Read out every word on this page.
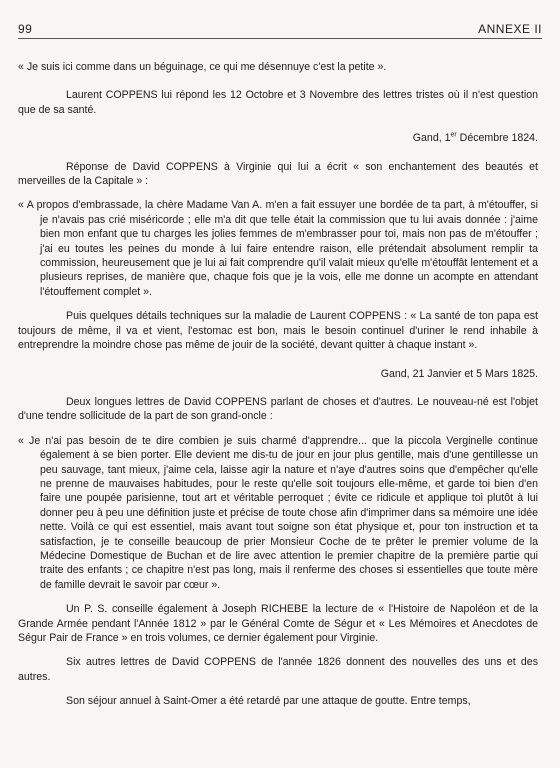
99	ANNEXE II

« Je suis ici comme dans un béguinage, ce qui me désennuye c'est la petite ».

Laurent COPPENS lui répond les 12 Octobre et 3 Novembre des lettres tristes où il n'est question que de sa santé.

Gand, 1er Décembre 1824.

Réponse de David COPPENS à Virginie qui lui a écrit « son enchantement des beautés et merveilles de la Capitale » :

« A propos d'embrassade, la chère Madame Van A. m'en a fait essuyer une bordée de ta part, à m'étouffer, si je n'avais pas crié miséricorde ; elle m'a dit que telle était la commission que tu lui avais donnée : j'aime bien mon enfant que tu charges les jolies femmes de m'embrasser pour toi, mais non pas de m'étouffer ; j'ai eu toutes les peines du monde à lui faire entendre raison, elle prétendait absolument remplir ta commission, heureusement que je lui ai fait comprendre qu'il valait mieux qu'elle m'étouffât lentement et a plusieurs reprises, de manière que, chaque fois que je la vois, elle me donne un acompte en attendant l'étouffement complet ».

Puis quelques détails techniques sur la maladie de Laurent COPPENS : « La santé de ton papa est toujours de même, il va et vient, l'estomac est bon, mais le besoin continuel d'uriner le rend inhabile à entreprendre la moindre chose pas même de jouir de la société, devant quitter à chaque instant ».

Gand, 21 Janvier et 5 Mars 1825.

Deux longues lettres de David COPPENS parlant de choses et d'autres. Le nouveau-né est l'objet d'une tendre sollicitude de la part de son grand-oncle :

« Je n'ai pas besoin de te dire combien je suis charmé d'apprendre... que la piccola Verginelle continue également à se bien porter. Elle devient me dis-tu de jour en jour plus gentille, mais d'une gentillesse un peu sauvage, tant mieux, j'aime cela, laisse agir la nature et n'aye d'autres soins que d'empêcher qu'elle ne prenne de mauvaises habitudes, pour le reste qu'elle soit toujours elle-même, et garde toi bien d'en faire une poupée parisienne, tout art et véritable perroquet ; évite ce ridicule et applique toi plutôt à lui donner peu à peu une définition juste et précise de toute chose afin d'imprimer dans sa mémoire une idée nette. Voilà ce qui est essentiel, mais avant tout soigne son état physique et, pour ton instruction et ta satisfaction, je te conseille beaucoup de prier Monsieur Coche de te prêter le premier volume de la Médecine Domestique de Buchan et de lire avec attention le premier chapitre de la première partie qui traite des enfants ; ce chapitre n'est pas long, mais il renferme des choses si essentielles que toute mère de famille devrait le savoir par cœur ».

Un P. S. conseille également à Joseph RICHEBE la lecture de « l'Histoire de Napoléon et de la Grande Armée pendant l'Année 1812 » par le Général Comte de Ségur et « Les Mémoires et Anecdotes de Ségur Pair de France » en trois volumes, ce dernier également pour Virginie.

Six autres lettres de David COPPENS de l'année 1826 donnent des nouvelles des uns et des autres.

Son séjour annuel à Saint-Omer a été retardé par une attaque de goutte. Entre temps,
